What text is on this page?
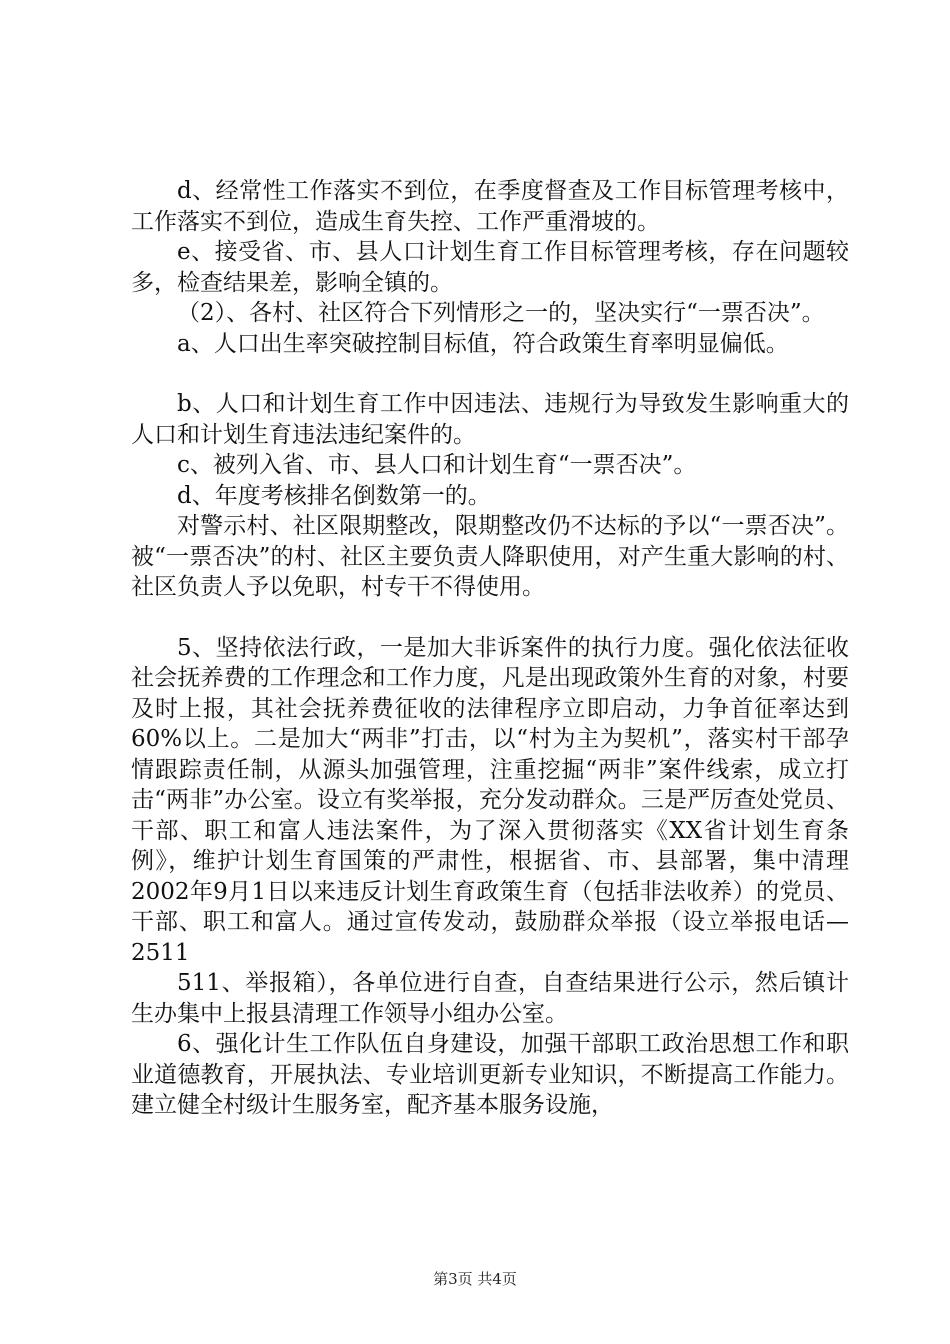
d、经常性工作落实不到位，在季度督查及工作目标管理考核中，工作落实不到位，造成生育失控、工作严重滑坡的。

e、接受省、市、县人口计划生育工作目标管理考核，存在问题较多，检查结果差，影响全镇的。

（2）、各村、社区符合下列情形之一的，坚决实行“一票否决”。

a、人口出生率突破控制目标值，符合政策生育率明显偏低。

b、人口和计划生育工作中因违法、违规行为导致发生影响重大的人口和计划生育违法违纪案件的。

c、被列入省、市、县人口和计划生育“一票否决”。

d、年度考核排名倒数第一的。

对警示村、社区限期整改，限期整改仍不达标的予以“一票否决”。被“一票否决”的村、社区主要负责人降职使用，对产生重大影响的村、社区负责人予以免职，村专干不得使用。

5、坚持依法行政，一是加大非诉案件的执行力度。强化依法征收社会抚养费的工作理念和工作力度，凡是出现政策外生育的对象，村要及时上报，其社会抚养费征收的法律程序立即启动，力争首征率达到60%以上。二是加大“两非”打击，以“村为主为契机”，落实村干部孕情跟踪责任制，从源头加强管理，注重挖掘“两非”案件线索，成立打击“两非”办公室。设立有奖举报，充分发动群众。三是严厉查处党员、干部、职工和富人违法案件，为了深入贯彻落实《XX省计划生育条例》，维护计划生育国策的严肃性，根据省、市、县部署，集中清理2002年9月1日以来违反计划生育政策生育（包括非法收养）的党员、干部、职工和富人。通过宣传发动，鼓励群众举报（设立举报电话—2511

511、举报箱），各单位进行自查，自查结果进行公示，然后镇计生办集中上报县清理工作领导小组办公室。

6、强化计生工作队伍自身建设，加强干部职工政治思想工作和职业道德教育，开展执法、专业培训更新专业知识，不断提高工作能力。建立健全村级计生服务室，配齐基本服务设施，

第3页 共4页
